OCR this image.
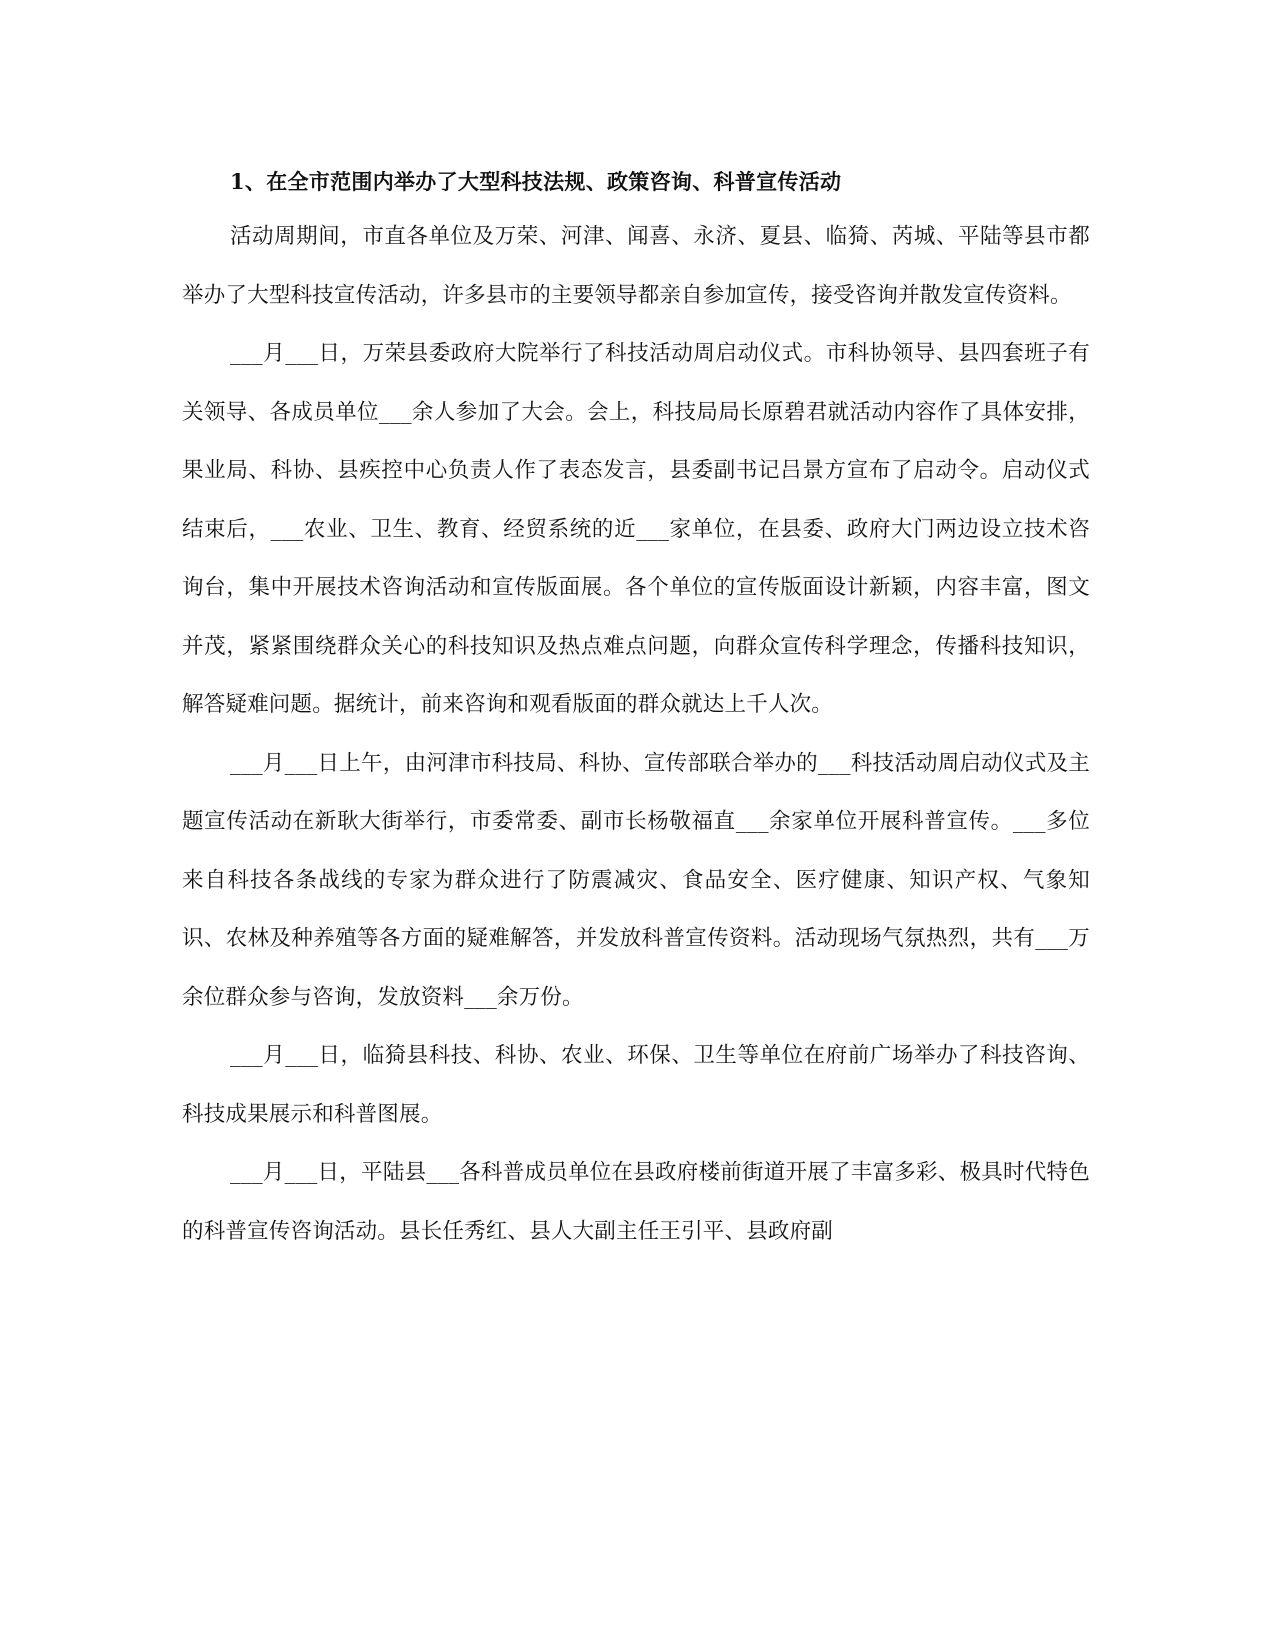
1、在全市范围内举办了大型科技法规、政策咨询、科普宣传活动

活动周期间，市直各单位及万荣、河津、闻喜、永济、夏县、临猗、芮城、平陆等县市都举办了大型科技宣传活动，许多县市的主要领导都亲自参加宣传，接受咨询并散发宣传资料。

___月___日，万荣县委政府大院举行了科技活动周启动仪式。市科协领导、县四套班子有关领导、各成员单位___余人参加了大会。会上，科技局局长原碧君就活动内容作了具体安排，果业局、科协、县疾控中心负责人作了表态发言，县委副书记吕景方宣布了启动令。启动仪式结束后，___农业、卫生、教育、经贸系统的近___家单位，在县委、政府大门两边设立技术咨询台，集中开展技术咨询活动和宣传版面展。各个单位的宣传版面设计新颖，内容丰富，图文并茂，紧紧围绕群众关心的科技知识及热点难点问题，向群众宣传科学理念，传播科技知识，解答疑难问题。据统计，前来咨询和观看版面的群众就达上千人次。

___月___日上午，由河津市科技局、科协、宣传部联合举办的___科技活动周启动仪式及主题宣传活动在新耿大街举行，市委常委、副市长杨敬福直___余家单位开展科普宣传。___多位来自科技各条战线的专家为群众进行了防震减灾、食品安全、医疗健康、知识产权、气象知识、农林及种养殖等各方面的疑难解答，并发放科普宣传资料。活动现场气氛热烈，共有___万余位群众参与咨询，发放资料___余万份。

___月___日，临猗县科技、科协、农业、环保、卫生等单位在府前广场举办了科技咨询、科技成果展示和科普图展。

___月___日，平陆县___各科普成员单位在县政府楼前街道开展了丰富多彩、极具时代特色的科普宣传咨询活动。县长任秀红、县人大副主任王引平、县政府副
